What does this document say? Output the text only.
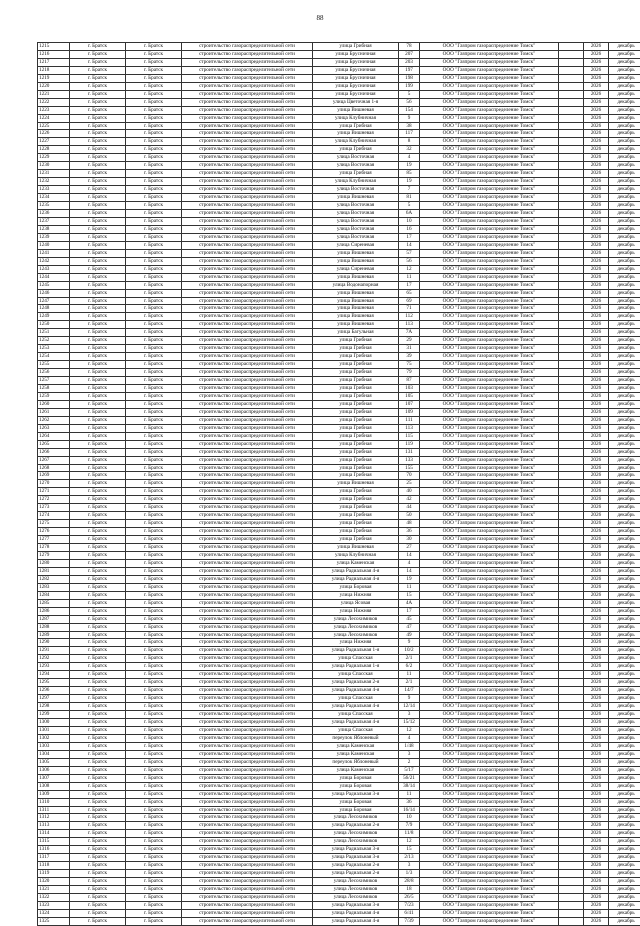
88
1215	г. Братск	г. Братск	строительство газораспределительной сети	улица Грибная	78	ООО "Газпром газораспределение Томск"		2026	декабрь
1216	г. Братск	г. Братск	строительство газораспределительной сети	улица Брусничная	207	ООО "Газпром газораспределение Томск"		2026	декабрь
1217	г. Братск	г. Братск	строительство газораспределительной сети	улица Брусничная	203	ООО "Газпром газораспределение Томск"		2026	декабрь
1218	г. Братск	г. Братск	строительство газораспределительной сети	улица Брусничная	197	ООО "Газпром газораспределение Томск"		2026	декабрь
1219	г. Братск	г. Братск	строительство газораспределительной сети	улица Брусничная	198	ООО "Газпром газораспределение Томск"		2026	декабрь
1220	г. Братск	г. Братск	строительство газораспределительной сети	улица Брусничная	199	ООО "Газпром газораспределение Томск"		2026	декабрь
1221	г. Братск	г. Братск	строительство газораспределительной сети	улица Брусничная	5	ООО "Газпром газораспределение Томск"		2026	декабрь
1222	г. Братск	г. Братск	строительство газораспределительной сети	улица Цветочная 1-я	56	ООО "Газпром газораспределение Томск"		2026	декабрь
1223	г. Братск	г. Братск	строительство газораспределительной сети	улица Вишневая	154	ООО "Газпром газораспределение Томск"		2026	декабрь
1224	г. Братск	г. Братск	строительство газораспределительной сети	улица Клубничная	9	ООО "Газпром газораспределение Томск"		2026	декабрь
1225	г. Братск	г. Братск	строительство газораспределительной сети	улица Грибная	38	ООО "Газпром газораспределение Томск"		2026	декабрь
1226	г. Братск	г. Братск	строительство газораспределительной сети	улица Вишневая	117	ООО "Газпром газораспределение Томск"		2026	декабрь
1227	г. Братск	г. Братск	строительство газораспределительной сети	улица Клубничная	8	ООО "Газпром газораспределение Томск"		2026	декабрь
1228	г. Братск	г. Братск	строительство газораспределительной сети	улица Грибная	32	ООО "Газпром газораспределение Томск"		2026	декабрь
1229	г. Братск	г. Братск	строительство газораспределительной сети	улица Восточная	4	ООО "Газпром газораспределение Томск"		2026	декабрь
1230	г. Братск	г. Братск	строительство газораспределительной сети	улица Восточная	19	ООО "Газпром газораспределение Томск"		2026	декабрь
1231	г. Братск	г. Братск	строительство газораспределительной сети	улица Грибная	85	ООО "Газпром газораспределение Томск"		2026	декабрь
1232	г. Братск	г. Братск	строительство газораспределительной сети	улица Клубничная	19	ООО "Газпром газораспределение Томск"		2026	декабрь
1233	г. Братск	г. Братск	строительство газораспределительной сети	улица Восточная	7	ООО "Газпром газораспределение Томск"		2026	декабрь
1234	г. Братск	г. Братск	строительство газораспределительной сети	улица Вишневая	81	ООО "Газпром газораспределение Томск"		2026	декабрь
1235	г. Братск	г. Братск	строительство газораспределительной сети	улица Восточная	5	ООО "Газпром газораспределение Томск"		2026	декабрь
1236	г. Братск	г. Братск	строительство газораспределительной сети	улица Восточная	6А	ООО "Газпром газораспределение Томск"		2026	декабрь
1237	г. Братск	г. Братск	строительство газораспределительной сети	улица Восточная	10	ООО "Газпром газораспределение Томск"		2026	декабрь
1238	г. Братск	г. Братск	строительство газораспределительной сети	улица Восточная	16	ООО "Газпром газораспределение Томск"		2026	декабрь
1239	г. Братск	г. Братск	строительство газораспределительной сети	улица Восточная	17	ООО "Газпром газораспределение Томск"		2026	декабрь
1240	г. Братск	г. Братск	строительство газораспределительной сети	улица Сиреневая	14	ООО "Газпром газораспределение Томск"		2026	декабрь
1241	г. Братск	г. Братск	строительство газораспределительной сети	улица Вишневая	57	ООО "Газпром газораспределение Томск"		2026	декабрь
1242	г. Братск	г. Братск	строительство газораспределительной сети	улица Вишневая	56	ООО "Газпром газораспределение Томск"		2026	декабрь
1243	г. Братск	г. Братск	строительство газораспределительной сети	улица Сиреневая	12	ООО "Газпром газораспределение Томск"		2026	декабрь
1244	г. Братск	г. Братск	строительство газораспределительной сети	улица Вишневая	11	ООО "Газпром газораспределение Томск"		2026	декабрь
1245	г. Братск	г. Братск	строительство газораспределительной сети	улица Водонапорная	17	ООО "Газпром газораспределение Томск"		2026	декабрь
1246	г. Братск	г. Братск	строительство газораспределительной сети	улица Вишневая	65	ООО "Газпром газораспределение Томск"		2026	декабрь
1247	г. Братск	г. Братск	строительство газораспределительной сети	улица Вишневая	69	ООО "Газпром газораспределение Томск"		2026	декабрь
1248	г. Братск	г. Братск	строительство газораспределительной сети	улица Вишневая	71	ООО "Газпром газораспределение Томск"		2026	декабрь
1249	г. Братск	г. Братск	строительство газораспределительной сети	улица Вишневая	112	ООО "Газпром газораспределение Томск"		2026	декабрь
1250	г. Братск	г. Братск	строительство газораспределительной сети	улица Вишневая	113	ООО "Газпром газораспределение Томск"		2026	декабрь
1251	г. Братск	г. Братск	строительство газораспределительной сети	улица Багульная	7А	ООО "Газпром газораспределение Томск"		2026	декабрь
1252	г. Братск	г. Братск	строительство газораспределительной сети	улица Грибная	29	ООО "Газпром газораспределение Томск"		2026	декабрь
1253	г. Братск	г. Братск	строительство газораспределительной сети	улица Грибная	31	ООО "Газпром газораспределение Томск"		2026	декабрь
1254	г. Братск	г. Братск	строительство газораспределительной сети	улица Грибная	39	ООО "Газпром газораспределение Томск"		2026	декабрь
1255	г. Братск	г. Братск	строительство газораспределительной сети	улица Грибная	75	ООО "Газпром газораспределение Томск"		2026	декабрь
1256	г. Братск	г. Братск	строительство газораспределительной сети	улица Грибная	79	ООО "Газпром газораспределение Томск"		2026	декабрь
1257	г. Братск	г. Братск	строительство газораспределительной сети	улица Грибная	87	ООО "Газпром газораспределение Томск"		2026	декабрь
1258	г. Братск	г. Братск	строительство газораспределительной сети	улица Грибная	103	ООО "Газпром газораспределение Томск"		2026	декабрь
1259	г. Братск	г. Братск	строительство газораспределительной сети	улица Грибная	105	ООО "Газпром газораспределение Томск"		2026	декабрь
1260	г. Братск	г. Братск	строительство газораспределительной сети	улица Грибная	107	ООО "Газпром газораспределение Томск"		2026	декабрь
1261	г. Братск	г. Братск	строительство газораспределительной сети	улица Грибная	109	ООО "Газпром газораспределение Томск"		2026	декабрь
1262	г. Братск	г. Братск	строительство газораспределительной сети	улица Грибная	111	ООО "Газпром газораспределение Томск"		2026	декабрь
1263	г. Братск	г. Братск	строительство газораспределительной сети	улица Грибная	113	ООО "Газпром газораспределение Томск"		2026	декабрь
1264	г. Братск	г. Братск	строительство газораспределительной сети	улица Грибная	115	ООО "Газпром газораспределение Томск"		2026	декабрь
1265	г. Братск	г. Братск	строительство газораспределительной сети	улица Грибная	119	ООО "Газпром газораспределение Томск"		2026	декабрь
1266	г. Братск	г. Братск	строительство газораспределительной сети	улица Грибная	131	ООО "Газпром газораспределение Томск"		2026	декабрь
1267	г. Братск	г. Братск	строительство газораспределительной сети	улица Грибная	133	ООО "Газпром газораспределение Томск"		2026	декабрь
1268	г. Братск	г. Братск	строительство газораспределительной сети	улица Грибная	155	ООО "Газпром газораспределение Томск"		2026	декабрь
1269	г. Братск	г. Братск	строительство газораспределительной сети	улица Грибная	70	ООО "Газпром газораспределение Томск"		2026	декабрь
1270	г. Братск	г. Братск	строительство газораспределительной сети	улица Вишневая	25	ООО "Газпром газораспределение Томск"		2026	декабрь
1271	г. Братск	г. Братск	строительство газораспределительной сети	улица Грибная	40	ООО "Газпром газораспределение Томск"		2026	декабрь
1272	г. Братск	г. Братск	строительство газораспределительной сети	улица Грибная	42	ООО "Газпром газораспределение Томск"		2026	декабрь
1273	г. Братск	г. Братск	строительство газораспределительной сети	улица Грибная	44	ООО "Газпром газораспределение Томск"		2026	декабрь
1274	г. Братск	г. Братск	строительство газораспределительной сети	улица Грибная	50	ООО "Газпром газораспределение Томск"		2026	декабрь
1275	г. Братск	г. Братск	строительство газораспределительной сети	улица Грибная	48	ООО "Газпром газораспределение Томск"		2026	декабрь
1276	г. Братск	г. Братск	строительство газораспределительной сети	улица Грибная	36	ООО "Газпром газораспределение Томск"		2026	декабрь
1277	г. Братск	г. Братск	строительство газораспределительной сети	улица Грибная	30	ООО "Газпром газораспределение Томск"		2026	декабрь
1278	г. Братск	г. Братск	строительство газораспределительной сети	улица Вишневая	27	ООО "Газпром газораспределение Томск"		2026	декабрь
1279	г. Братск	г. Братск	строительство газораспределительной сети	улица Клубничная	14	ООО "Газпром газораспределение Томск"		2026	декабрь
1280	г. Братск	г. Братск	строительство газораспределительной сети	улица Каменская	4	ООО "Газпром газораспределение Томск"		2026	декабрь
1281	г. Братск	г. Братск	строительство газораспределительной сети	улица Радиальная 4-я	14	ООО "Газпром газораспределение Томск"		2026	декабрь
1282	г. Братск	г. Братск	строительство газораспределительной сети	улица Радиальная 4-я	19	ООО "Газпром газораспределение Томск"		2026	декабрь
1283	г. Братск	г. Братск	строительство газораспределительной сети	улица Боровая	11	ООО "Газпром газораспределение Томск"		2026	декабрь
1284	г. Братск	г. Братск	строительство газораспределительной сети	улица Нижняя	15	ООО "Газпром газораспределение Томск"		2026	декабрь
1285	г. Братск	г. Братск	строительство газораспределительной сети	улица Ясовая	4А	ООО "Газпром газораспределение Томск"		2026	декабрь
1286	г. Братск	г. Братск	строительство газораспределительной сети	улица Нижняя	17	ООО "Газпром газораспределение Томск"		2026	декабрь
1287	г. Братск	г. Братск	строительство газораспределительной сети	улица Лесохимиков	45	ООО "Газпром газораспределение Томск"		2026	декабрь
1288	г. Братск	г. Братск	строительство газораспределительной сети	улица Лесохимиков	47	ООО "Газпром газораспределение Томск"		2026	декабрь
1289	г. Братск	г. Братск	строительство газораспределительной сети	улица Лесохимиков	49	ООО "Газпром газораспределение Томск"		2026	декабрь
1290	г. Братск	г. Братск	строительство газораспределительной сети	улица Нижняя	9	ООО "Газпром газораспределение Томск"		2026	декабрь
1291	г. Братск	г. Братск	строительство газораспределительной сети	улица Радиальная 1-я	10/2	ООО "Газпром газораспределение Томск"		2026	декабрь
1292	г. Братск	г. Братск	строительство газораспределительной сети	улица Спасская	2/1	ООО "Газпром газораспределение Томск"		2026	декабрь
1293	г. Братск	г. Братск	строительство газораспределительной сети	улица Радиальная 1-я	6/2	ООО "Газпром газораспределение Томск"		2026	декабрь
1294	г. Братск	г. Братск	строительство газораспределительной сети	улица Спасская	11	ООО "Газпром газораспределение Томск"		2026	декабрь
1295	г. Братск	г. Братск	строительство газораспределительной сети	улица Радиальная 2-я	2/1	ООО "Газпром газораспределение Томск"		2026	декабрь
1296	г. Братск	г. Братск	строительство газораспределительной сети	улица Радиальная 4-я	14/7	ООО "Газпром газораспределение Томск"		2026	декабрь
1297	г. Братск	г. Братск	строительство газораспределительной сети	улица Спасская	9	ООО "Газпром газораспределение Томск"		2026	декабрь
1298	г. Братск	г. Братск	строительство газораспределительной сети	улица Радиальная 4-я	12/14	ООО "Газпром газораспределение Томск"		2026	декабрь
1299	г. Братск	г. Братск	строительство газораспределительной сети	улица Спасская	3	ООО "Газпром газораспределение Томск"		2026	декабрь
1300	г. Братск	г. Братск	строительство газораспределительной сети	улица Радиальная 4-я	15/12	ООО "Газпром газораспределение Томск"		2026	декабрь
1301	г. Братск	г. Братск	строительство газораспределительной сети	улица Спасская	12	ООО "Газпром газораспределение Томск"		2026	декабрь
1302	г. Братск	г. Братск	строительство газораспределительной сети	переулок Яблоневый	4	ООО "Газпром газораспределение Томск"		2026	декабрь
1303	г. Братск	г. Братск	строительство газораспределительной сети	улица Каменская	1/48	ООО "Газпром газораспределение Томск"		2026	декабрь
1304	г. Братск	г. Братск	строительство газораспределительной сети	улица Каменская	3	ООО "Газпром газораспределение Томск"		2026	декабрь
1305	г. Братск	г. Братск	строительство газораспределительной сети	переулок Яблоневый	2	ООО "Газпром газораспределение Томск"		2026	декабрь
1306	г. Братск	г. Братск	строительство газораспределительной сети	улица Каменская	5/17	ООО "Газпром газораспределение Томск"		2026	декабрь
1307	г. Братск	г. Братск	строительство газораспределительной сети	улица Боровая	56/21	ООО "Газпром газораспределение Томск"		2026	декабрь
1308	г. Братск	г. Братск	строительство газораспределительной сети	улица Боровая	38/14	ООО "Газпром газораспределение Томск"		2026	декабрь
1309	г. Братск	г. Братск	строительство газораспределительной сети	улица Радиальная 3-я	11	ООО "Газпром газораспределение Томск"		2026	декабрь
1310	г. Братск	г. Братск	строительство газораспределительной сети	улица Боровая	36	ООО "Газпром газораспределение Томск"		2026	декабрь
1311	г. Братск	г. Братск	строительство газораспределительной сети	улица Боровая	16/14	ООО "Газпром газораспределение Томск"		2026	декабрь
1312	г. Братск	г. Братск	строительство газораспределительной сети	улица Лесохимиков	10	ООО "Газпром газораспределение Томск"		2026	декабрь
1313	г. Братск	г. Братск	строительство газораспределительной сети	улица Радиальная 2-я	7/9	ООО "Газпром газораспределение Томск"		2026	декабрь
1314	г. Братск	г. Братск	строительство газораспределительной сети	улица Лесохимиков	11/8	ООО "Газпром газораспределение Томск"		2026	декабрь
1315	г. Братск	г. Братск	строительство газораспределительной сети	улица Лесохимиков	12	ООО "Газпром газораспределение Томск"		2026	декабрь
1316	г. Братск	г. Братск	строительство газораспределительной сети	улица Радиальная 3-я	15	ООО "Газпром газораспределение Томск"		2026	декабрь
1317	г. Братск	г. Братск	строительство газораспределительной сети	улица Радиальная 3-я	2/13	ООО "Газпром газораспределение Томск"		2026	декабрь
1318	г. Братск	г. Братск	строительство газораспределительной сети	улица Радиальная 2-я	3	ООО "Газпром газораспределение Томск"		2026	декабрь
1319	г. Братск	г. Братск	строительство газораспределительной сети	улица Радиальная 2-я	1/3	ООО "Газпром газораспределение Томск"		2026	декабрь
1320	г. Братск	г. Братск	строительство газораспределительной сети	улица Лесохимиков	28/8	ООО "Газпром газораспределение Томск"		2026	декабрь
1321	г. Братск	г. Братск	строительство газораспределительной сети	улица Лесохимиков	18	ООО "Газпром газораспределение Томск"		2026	декабрь
1322	г. Братск	г. Братск	строительство газораспределительной сети	улица Лесохимиков	26/5	ООО "Газпром газораспределение Томск"		2026	декабрь
1323	г. Братск	г. Братск	строительство газораспределительной сети	улица Радиальная 3-я	7/23	ООО "Газпром газораспределение Томск"		2026	декабрь
1324	г. Братск	г. Братск	строительство газораспределительной сети	улица Радиальная 4-я	6/41	ООО "Газпром газораспределение Томск"		2026	декабрь
1325	г. Братск	г. Братск	строительство газораспределительной сети	улица Радиальная 4-я	7/39	ООО "Газпром газораспределение Томск"		2026	декабрь
